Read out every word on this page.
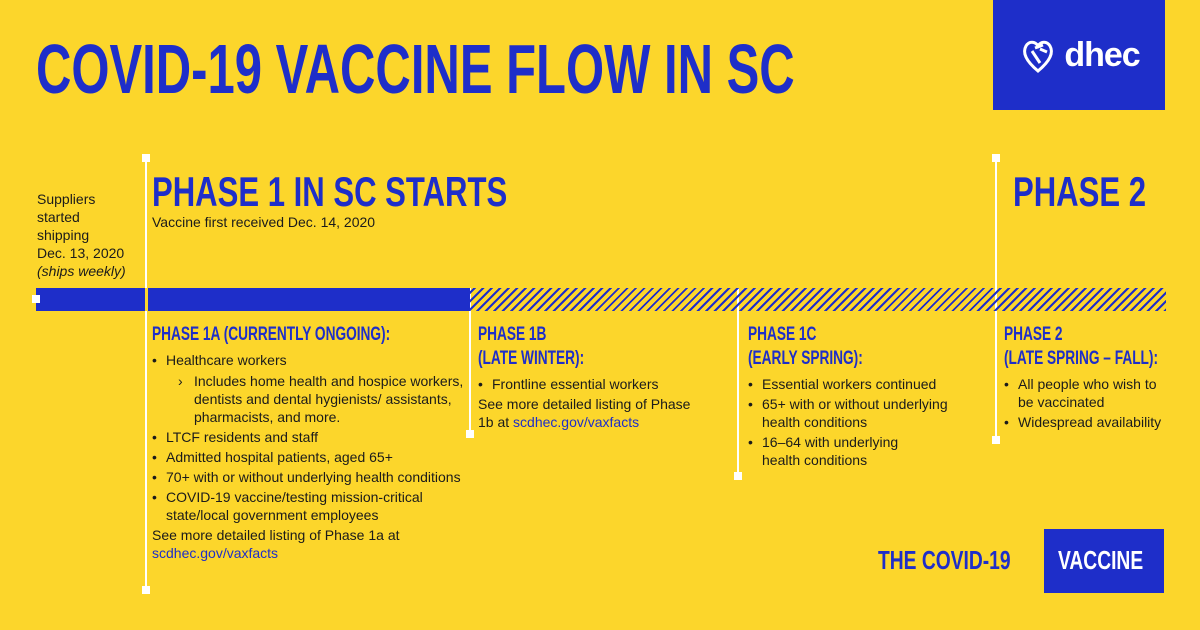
COVID-19 VACCINE FLOW IN SC	dhec
Suppliers
started
shipping
Dec. 13, 2020
(ships weekly)
PHASE 1 IN SC STARTS
Vaccine first received Dec. 14, 2020
PHASE 2
PHASE 1A (CURRENTLY ONGOING):
• Healthcare workers
› Includes home health and hospice workers, dentists and dental hygienists/ assistants, pharmacists, and more.
• LTCF residents and staff
• Admitted hospital patients, aged 65+
• 70+ with or without underlying health conditions
• COVID-19 vaccine/testing mission-critical state/local government employees
See more detailed listing of Phase 1a at
scdhec.gov/vaxfacts
PHASE 1B
(LATE WINTER):
• Frontline essential workers
See more detailed listing of Phase 1b at scdhec.gov/vaxfacts
PHASE 1C
(EARLY SPRING):
• Essential workers continued
• 65+ with or without underlying health conditions
• 16–64 with underlying health conditions
PHASE 2
(LATE SPRING – FALL):
• All people who wish to be vaccinated
• Widespread availability
THE COVID-19 VACCINE
